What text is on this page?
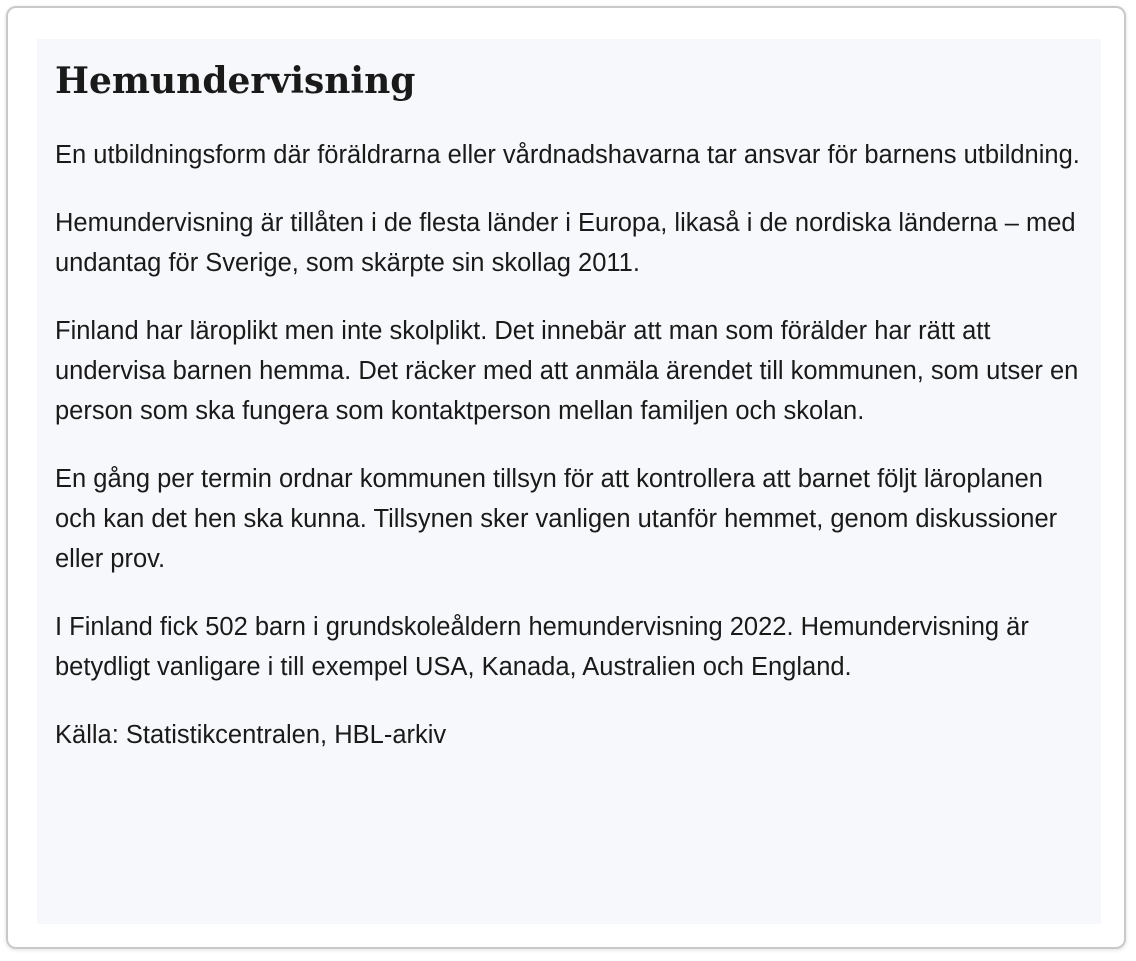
Hemundervisning

En utbildningsform där föräldrarna eller vårdnadshavarna tar ansvar för barnens utbildning.

Hemundervisning är tillåten i de flesta länder i Europa, likaså i de nordiska länderna – med undantag för Sverige, som skärpte sin skollag 2011.

Finland har läroplikt men inte skolplikt. Det innebär att man som förälder har rätt att undervisa barnen hemma. Det räcker med att anmäla ärendet till kommunen, som utser en person som ska fungera som kontaktperson mellan familjen och skolan.

En gång per termin ordnar kommunen tillsyn för att kontrollera att barnet följt läroplanen och kan det hen ska kunna. Tillsynen sker vanligen utanför hemmet, genom diskussioner eller prov.

I Finland fick 502 barn i grundskoleåldern hemundervisning 2022. Hemundervisning är betydligt vanligare i till exempel USA, Kanada, Australien och England.

Källa: Statistikcentralen, HBL-arkiv
